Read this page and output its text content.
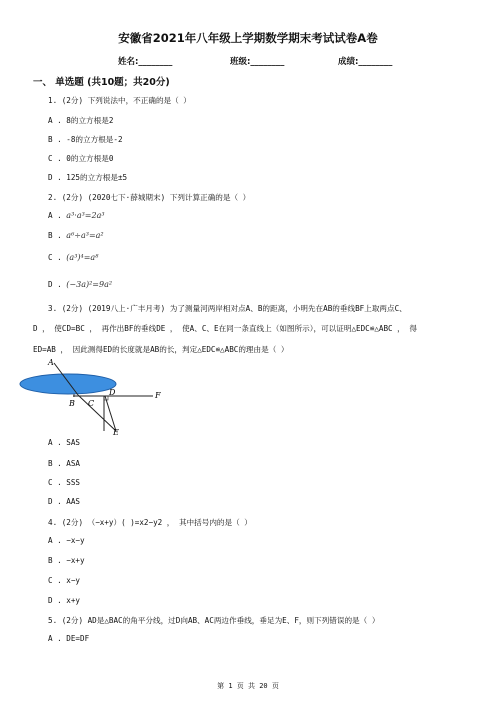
安徽省2021年八年级上学期数学期末考试试卷A卷
姓名:________	班级:________	成绩:________
一、 单选题 (共10题；共20分)
1. (2分) 下列说法中，不正确的是（ ）
A . 8的立方根是2
B . -8的立方根是-2
C . 0的立方根是0
D . 125的立方根是±5
2. (2分) (2020七下·薛城期末) 下列计算正确的是（ ）
A . a³·a³=2a³
B . a⁶÷a³=a²
C . (a³)⁴=a⁸
D . (−3a)²=9a²
3. (2分) (2019八上·广丰月考) 为了测量河两岸相对点A、B的距离，小明先在AB的垂线BF上取两点C、
D ， 使CD=BC ， 再作出BF的垂线DE ， 使A、C、E在同一条直线上（如图所示），可以证明△EDC≌△ABC ， 得
ED=AB ， 因此测得ED的长度就是AB的长，判定△EDC≌△ABC的理由是（ ）
A
B C
D	F
E
A . SAS
B . ASA
C . SSS
D . AAS
4. (2分) （−x+y）( )=x2−y2 ， 其中括号内的是（ ）
A . −x−y
B . −x+y
C . x−y
D . x+y
5. (2分) AD是△BAC的角平分线，过D向AB、AC两边作垂线，垂足为E、F，则下列错误的是（ ）
A . DE=DF
第 1 页 共 20 页
